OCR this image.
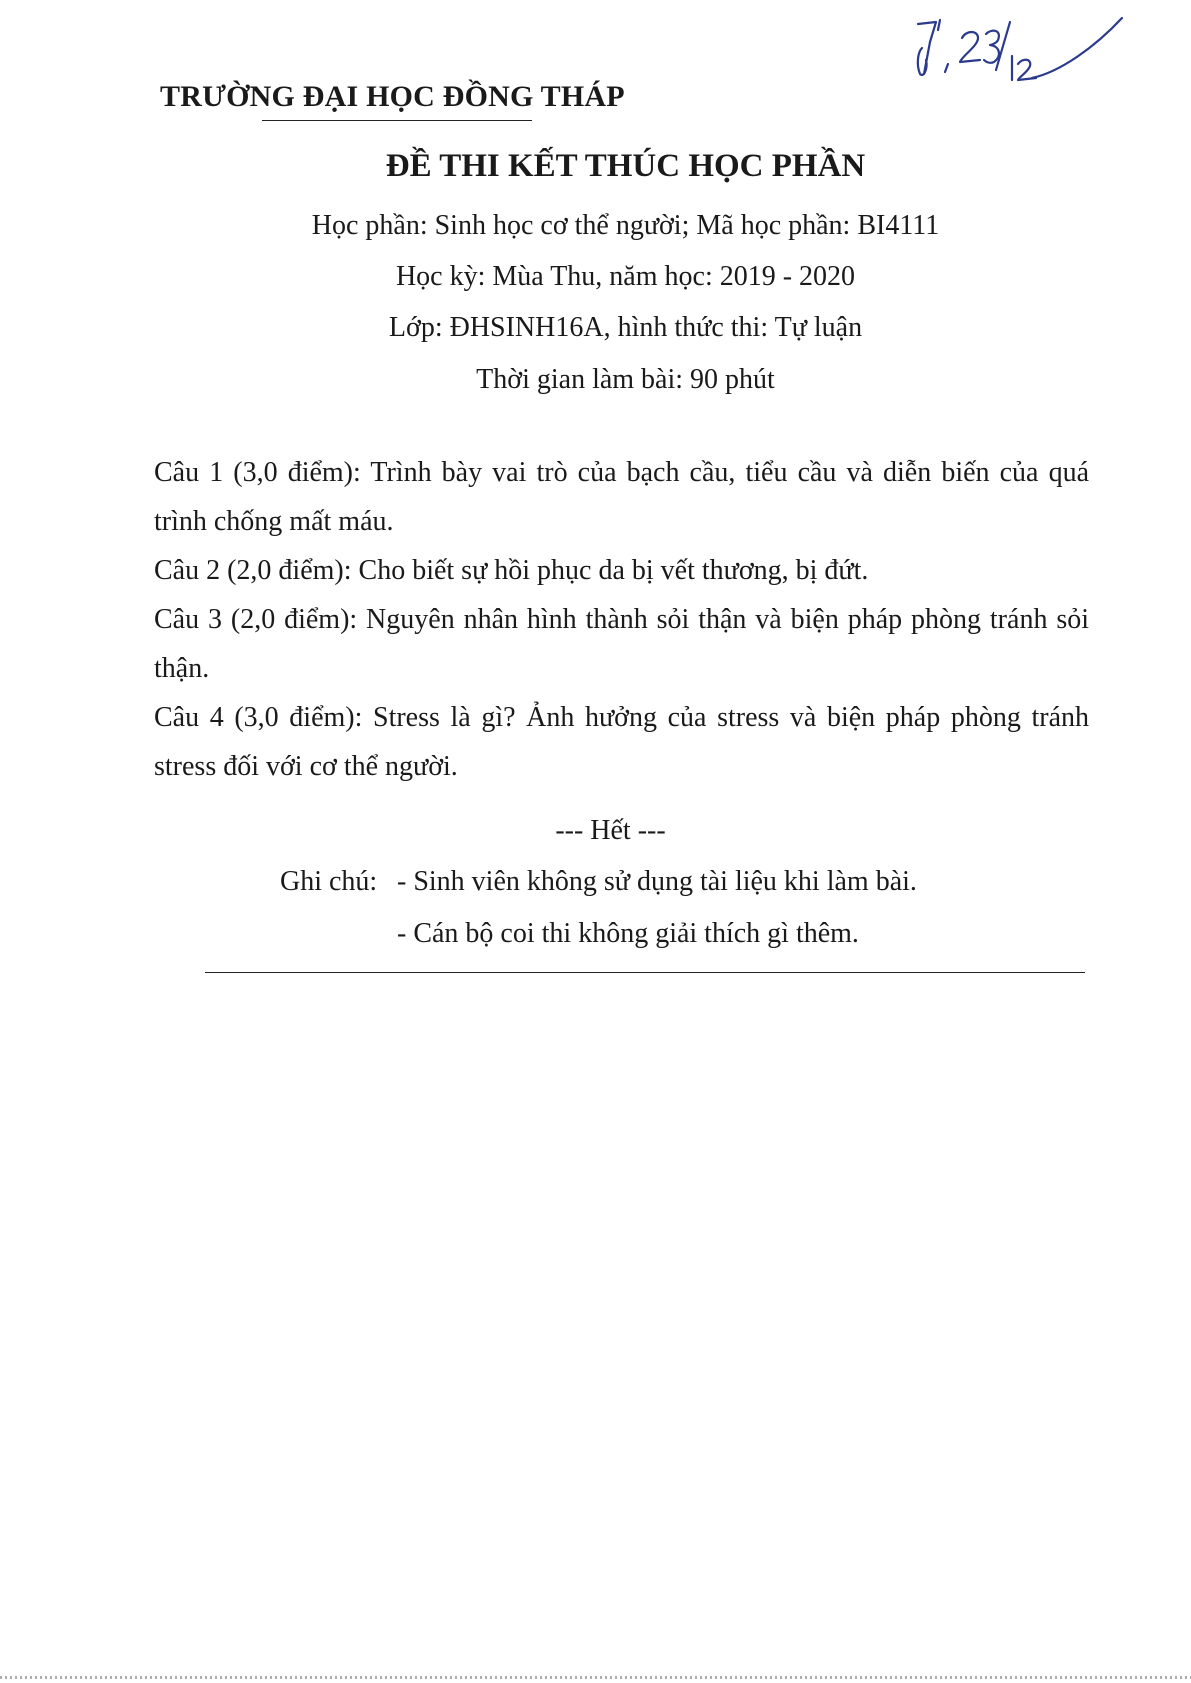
TRƯỜNG ĐẠI HỌC ĐỒNG THÁP
ĐỀ THI KẾT THÚC HỌC PHẦN
Học phần: Sinh học cơ thể người; Mã học phần: BI4111
Học kỳ: Mùa Thu, năm học: 2019 - 2020
Lớp: ĐHSINH16A, hình thức thi: Tự luận
Thời gian làm bài: 90 phút

Câu 1 (3,0 điểm): Trình bày vai trò của bạch cầu, tiểu cầu và diễn biến của quá trình chống mất máu.

Câu 2 (2,0 điểm): Cho biết sự hồi phục da bị vết thương, bị đứt.

Câu 3 (2,0 điểm): Nguyên nhân hình thành sỏi thận và biện pháp phòng tránh sỏi thận.

Câu 4 (3,0 điểm): Stress là gì? Ảnh hưởng của stress và biện pháp phòng tránh stress đối với cơ thể người.

--- Hết ---
Ghi chú: - Sinh viên không sử dụng tài liệu khi làm bài.
- Cán bộ coi thi không giải thích gì thêm.
